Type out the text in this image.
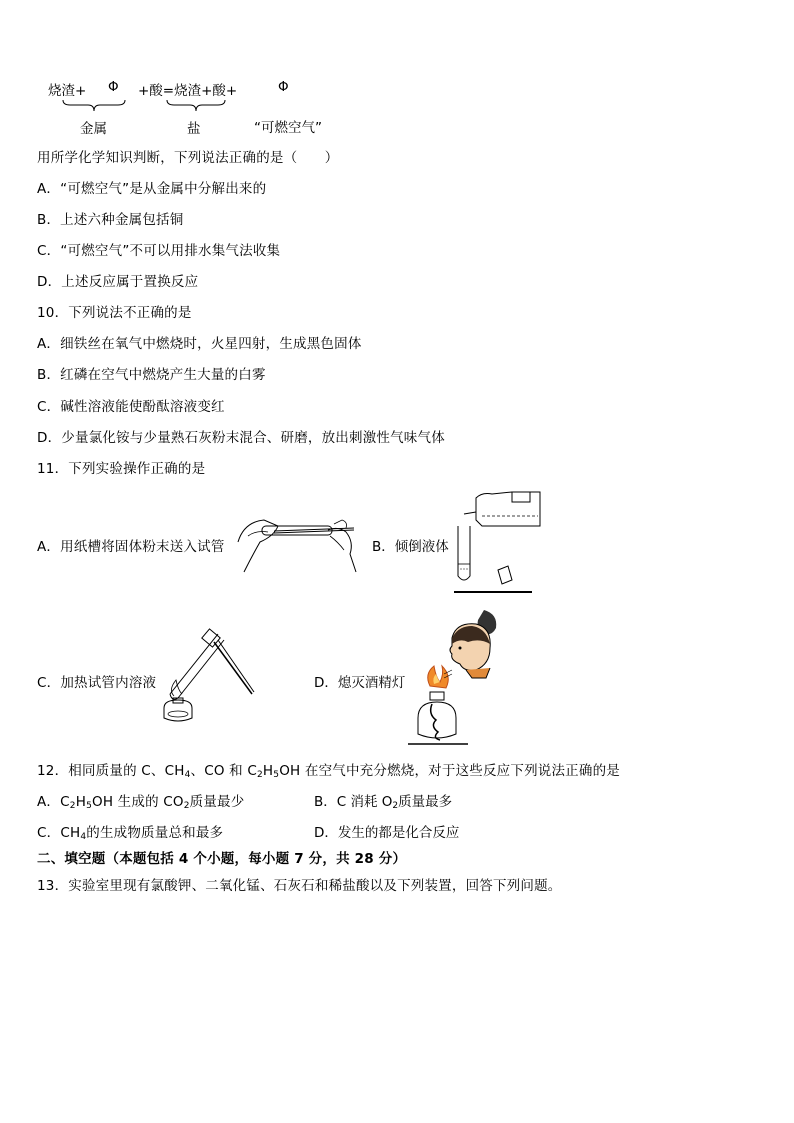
烧渣+ Φ +酸=烧渣+酸+	Φ
金属	盐	“可燃空气”
用所学化学知识判断，下列说法正确的是（　　）
A．“可燃空气”是从金属中分解出来的
B．上述六种金属包括铜
C．“可燃空气”不可以用排水集气法收集
D．上述反应属于置换反应
10．下列说法不正确的是
A．细铁丝在氧气中燃烧时，火星四射，生成黑色固体
B．红磷在空气中燃烧产生大量的白雾
C．碱性溶液能使酚酞溶液变红
D．少量氯化铵与少量熟石灰粉末混合、研磨，放出刺激性气味气体
11．下列实验操作正确的是
A．用纸槽将固体粉末送入试管	B．倾倒液体
C．加热试管内溶液	D．熄灭酒精灯
12．相同质量的 C、$CH_4$、CO 和 $C_2H_5OH$ 在空气中充分燃烧，对于这些反应下列说法正确的是
A．$C_2H_5OH$ 生成的 $CO_2$质量最少	B．C 消耗 $O_2$质量最多
C．$CH_4$的生成物质量总和最多	D．发生的都是化合反应
二、填空题（本题包括 4 个小题，每小题 7 分，共 28 分）
13．实验室里现有氯酸钾、二氧化锰、石灰石和稀盐酸以及下列装置，回答下列问题。
